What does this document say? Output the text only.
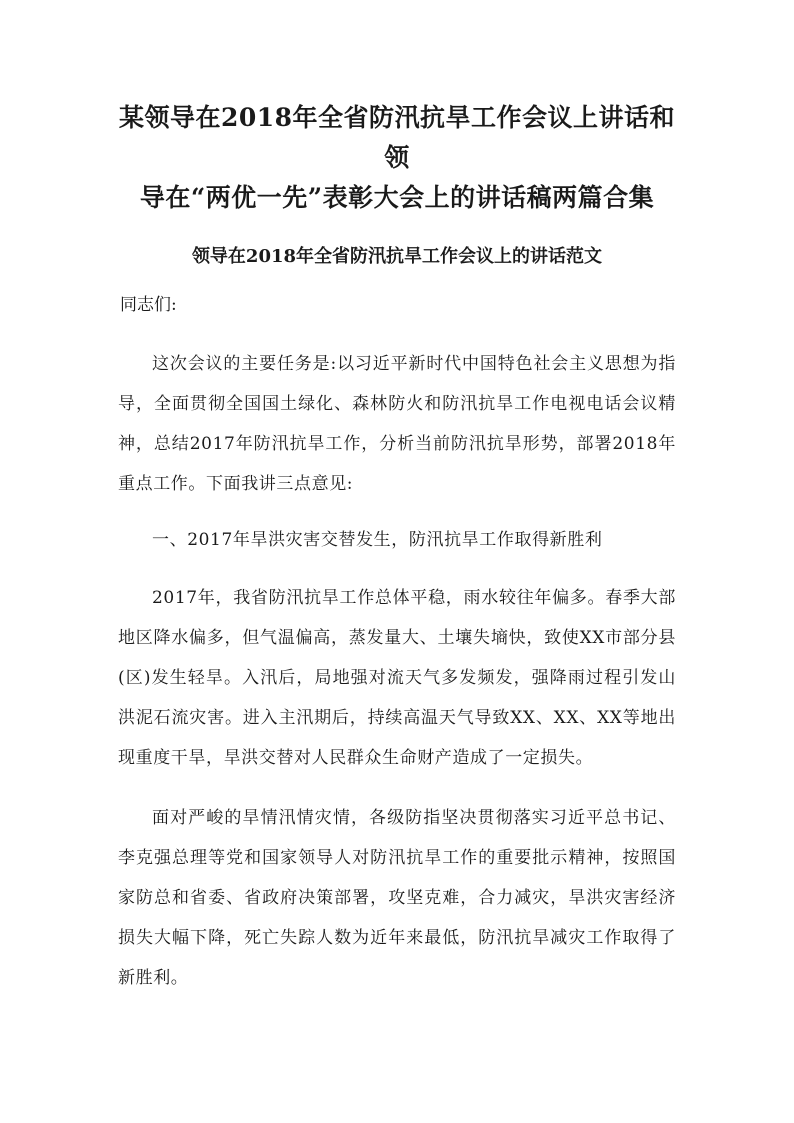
某领导在2018年全省防汛抗旱工作会议上讲话和领
导在“两优一先”表彰大会上的讲话稿两篇合集
领导在2018年全省防汛抗旱工作会议上的讲话范文

同志们:

这次会议的主要任务是:以习近平新时代中国特色社会主义思想为指导，全面贯彻全国国土绿化、森林防火和防汛抗旱工作电视电话会议精神，总结2017年防汛抗旱工作，分析当前防汛抗旱形势，部署2018年重点工作。下面我讲三点意见:

一、2017年旱洪灾害交替发生，防汛抗旱工作取得新胜利

2017年，我省防汛抗旱工作总体平稳，雨水较往年偏多。春季大部地区降水偏多，但气温偏高，蒸发量大、土壤失墒快，致使XX市部分县(区)发生轻旱。入汛后，局地强对流天气多发频发，强降雨过程引发山洪泥石流灾害。进入主汛期后，持续高温天气导致XX、XX、XX等地出现重度干旱，旱洪交替对人民群众生命财产造成了一定损失。

面对严峻的旱情汛情灾情，各级防指坚决贯彻落实习近平总书记、李克强总理等党和国家领导人对防汛抗旱工作的重要批示精神，按照国家防总和省委、省政府决策部署，攻坚克难，合力减灾，旱洪灾害经济损失大幅下降，死亡失踪人数为近年来最低，防汛抗旱减灾工作取得了新胜利。
